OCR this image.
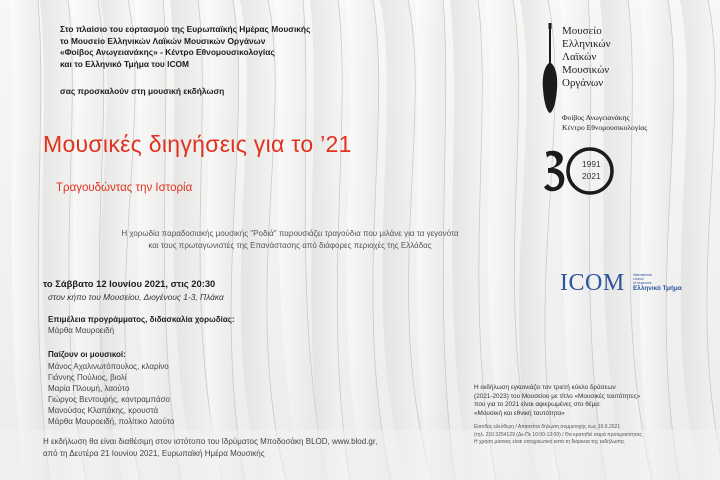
Στο πλαίσιο του εορτασμού της Ευρωπαϊκής Ημέρας Μουσικής
το Μουσείο Ελληνικών Λαϊκών Μουσικών Οργάνων
«Φοίβος Ανωγειανάκης» - Κέντρο Εθνομουσικολογίας
και το Ελληνικό Τμήμα του ICOM
σας προσκαλούν στη μουσική εκδήλωση
Μουσικές διηγήσεις για το ’21
Τραγουδώντας την Ιστορία
Η χορωδία παραδοσιακής μουσικής "Ροδιά" παρουσιάζει τραγούδια που μιλάνε για τα γεγονότα
και τους πρωταγωνιστές της Επανάστασης από διάφορες περιοχές της Ελλάδας
το Σάββατο 12 Ιουνίου 2021, στις 20:30
στον κήπο του Μουσείου, Διογένους 1-3, Πλάκα
Επιμέλεια προγράμματος, διδασκαλία χορωδίας:
Μάρθα Μαυροειδή
Παίζουν οι μουσικοί:
Μάνος Αχαλινωτόπουλος, κλαρίνο
Γιάννης Πούλιος, βιολί
Μαρία Πλουμή, λαούτο
Γιώργος Βεντουρής, κοντραμπάσο
Μανούσος Κλαπάκης, κρουστά
Μάρθα Μαυροειδή, πολίτικο λαούτο
Η εκδήλωση θα είναι διαθέσιμη στον ιστότοπο του Ιδρύματος Μποδοσάκη BLOD, www.blod.gr,
από τη Δευτέρα 21 Ιουνίου 2021, Ευρωπαϊκή Ημέρα Μουσικής
Μουσείο
Ελληνικών
Λαϊκών
Μουσικών
Οργάνων
Φοίβος Ανωγειανάκης
Κέντρο Εθνομουσικολογίας
1991
2021
ICOM international
council
of museums
Ελληνικό Τμήμα
Η εκδήλωση εγκαινιάζει τον τριετή κύκλο δράσεων
(2021-2023) του Μουσείου με τίτλο «Μουσικές ταυτότητες»
που για το 2021 είναι αφιερωμένες στο θέμα:
«Μουσική και εθνική ταυτότητα»
Είσοδος ελεύθερη / Απαιτείται δήλωση συμμετοχής έως 10.6.2021
(τηλ. 210 3254129 (Δε-Πε 10:00-13:00) / Θα κρατηθεί σειρά προτεραιότητας
Η χρήση μάσκας είναι υποχρεωτική κατά τη διάρκεια της εκδήλωσης
